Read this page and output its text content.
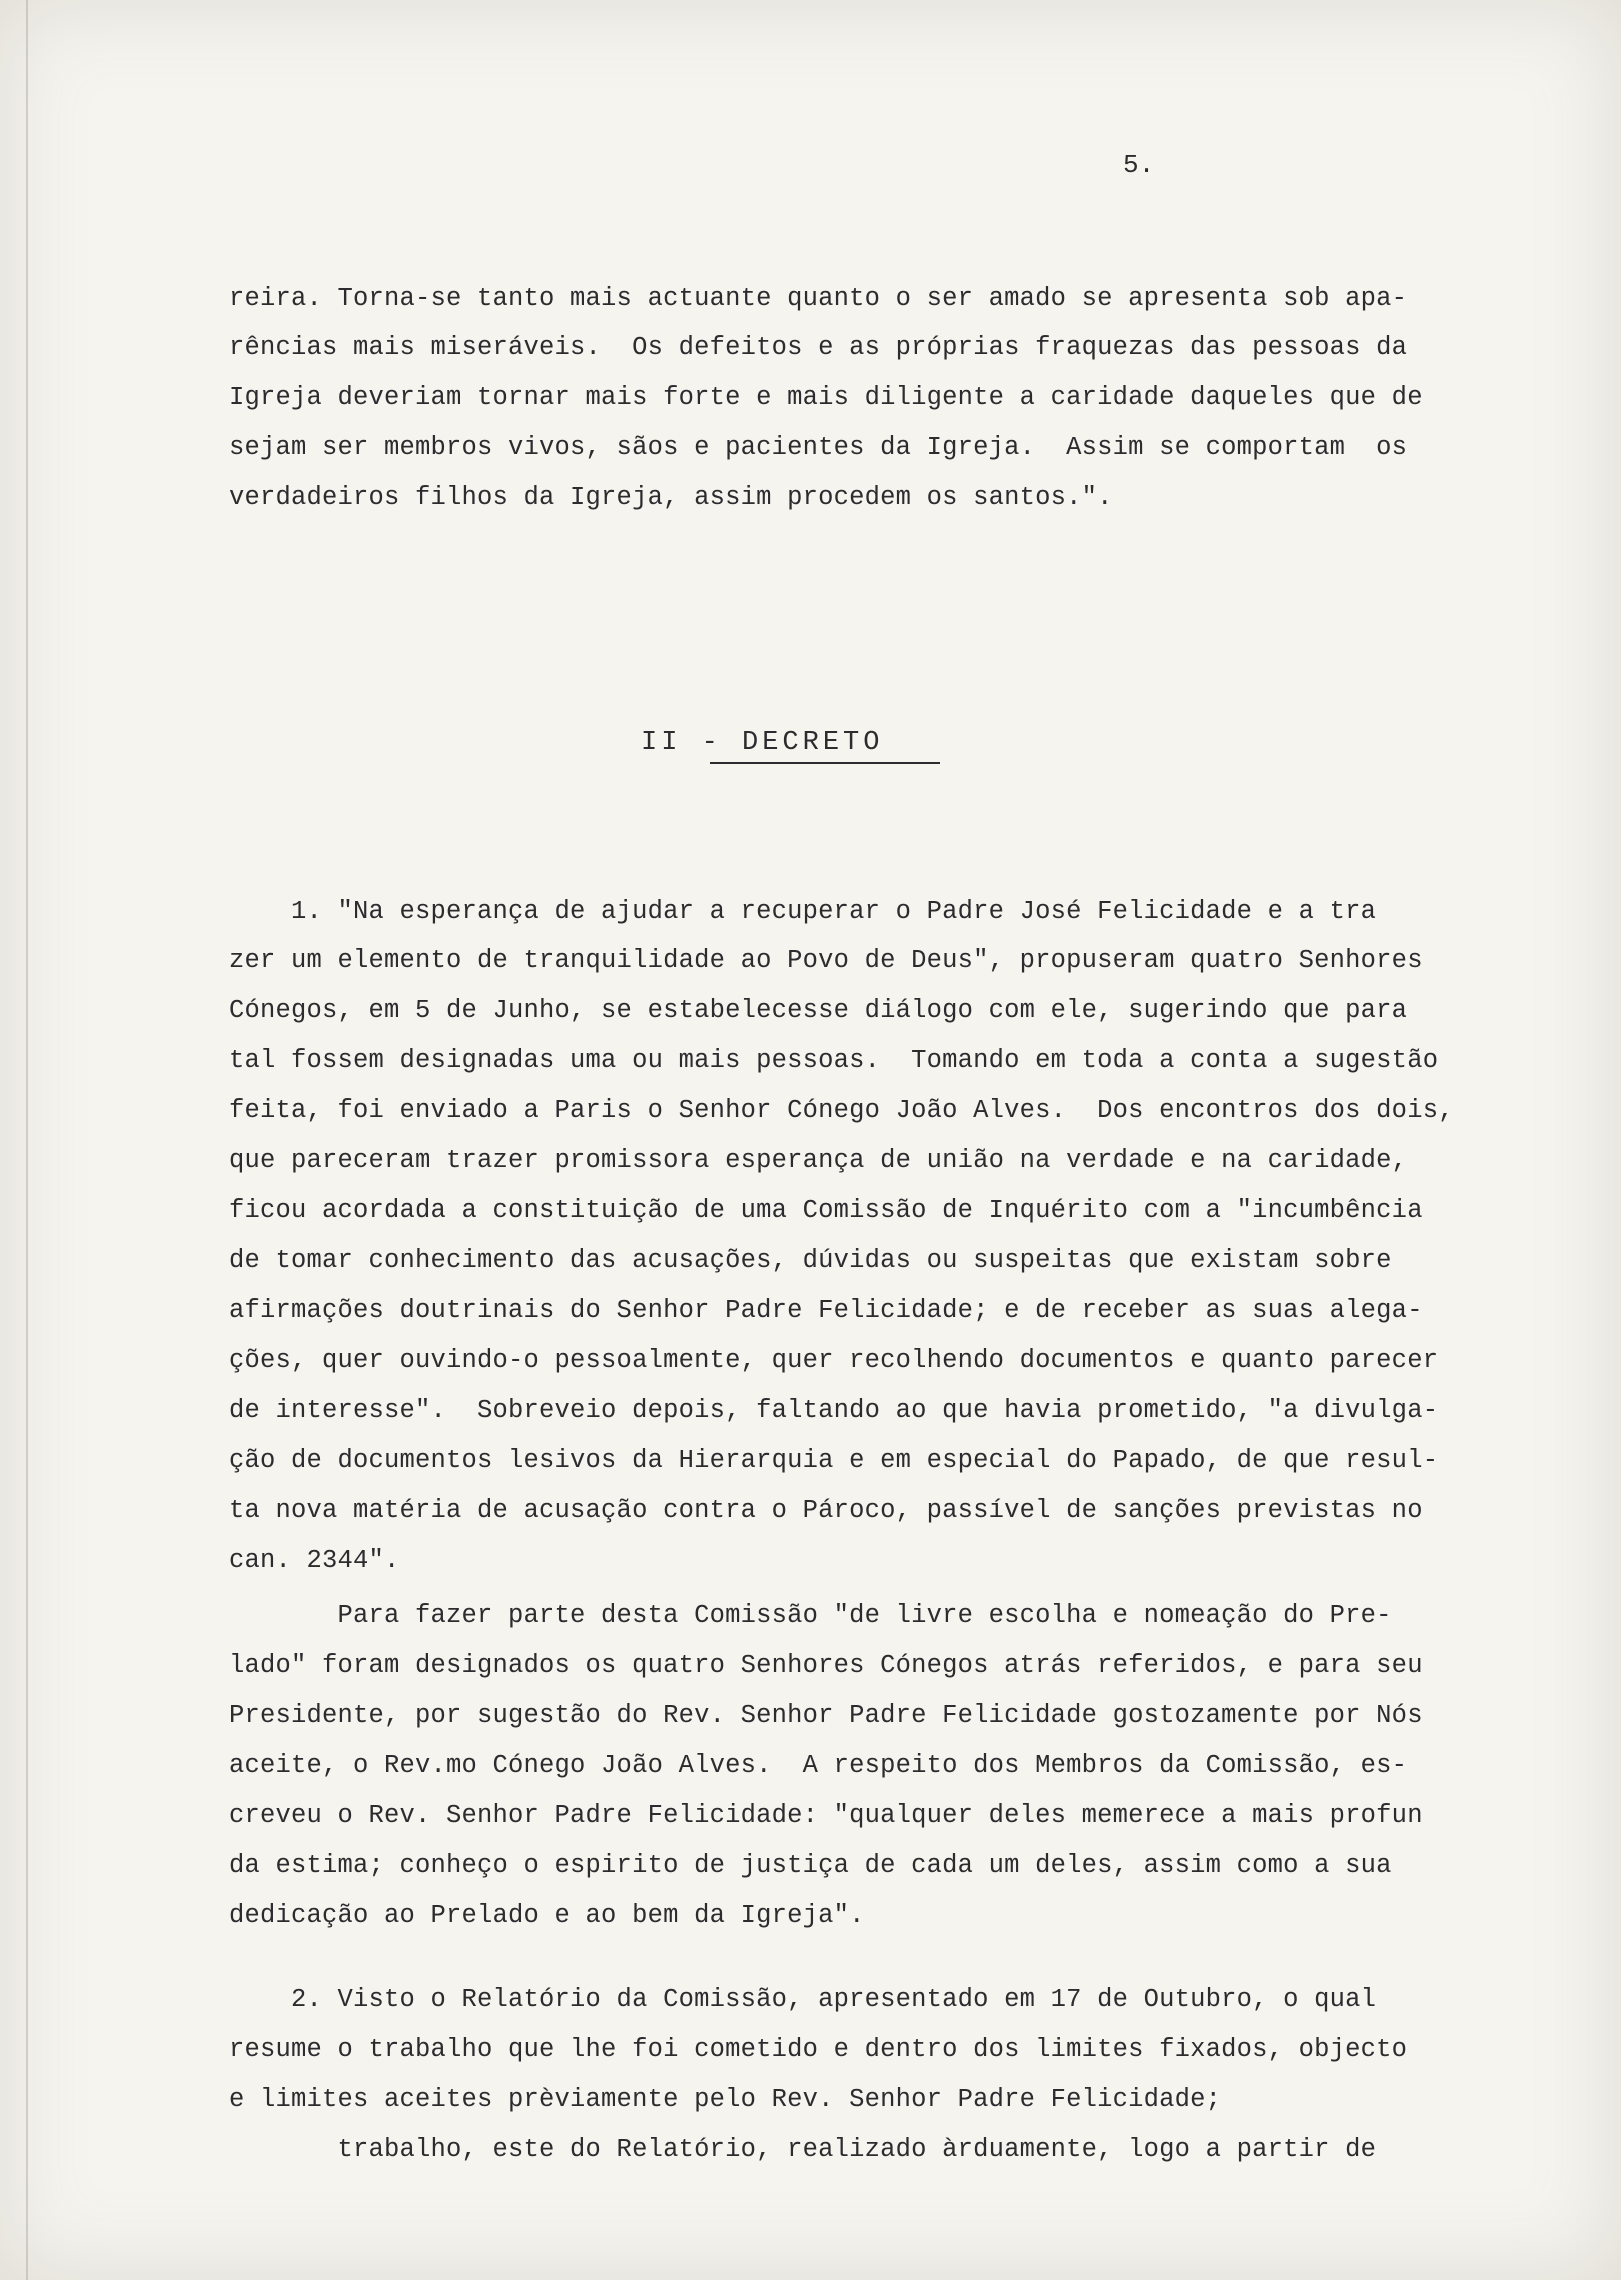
5.
reira. Torna-se tanto mais actuante quanto o ser amado se apresenta sob apa-
rências mais miseráveis.  Os defeitos e as próprias fraquezas das pessoas da
Igreja deveriam tornar mais forte e mais diligente a caridade daqueles que de
sejam ser membros vivos, sãos e pacientes da Igreja.  Assim se comportam  os
verdadeiros filhos da Igreja, assim procedem os santos.".
II - DECRETO
1. "Na esperança de ajudar a recuperar o Padre José Felicidade e a tra
zer um elemento de tranquilidade ao Povo de Deus", propuseram quatro Senhores
Cónegos, em 5 de Junho, se estabelecesse diálogo com ele, sugerindo que para
tal fossem designadas uma ou mais pessoas.  Tomando em toda a conta a sugestão
feita, foi enviado a Paris o Senhor Cónego João Alves.  Dos encontros dos dois,
que pareceram trazer promissora esperança de união na verdade e na caridade,
ficou acordada a constituição de uma Comissão de Inquérito com a "incumbência
de tomar conhecimento das acusações, dúvidas ou suspeitas que existam sobre
afirmações doutrinais do Senhor Padre Felicidade; e de receber as suas alega-
ções, quer ouvindo-o pessoalmente, quer recolhendo documentos e quanto parecer
de interesse".  Sobreveio depois, faltando ao que havia prometido, "a divulga-
ção de documentos lesivos da Hierarquia e em especial do Papado, de que resul-
ta nova matéria de acusação contra o Pároco, passível de sanções previstas no
can. 2344".
Para fazer parte desta Comissão "de livre escolha e nomeação do Pre-
lado" foram designados os quatro Senhores Cónegos atrás referidos, e para seu
Presidente, por sugestão do Rev. Senhor Padre Felicidade gostozamente por Nós
aceite, o Rev.mo Cónego João Alves.  A respeito dos Membros da Comissão, es-
creveu o Rev. Senhor Padre Felicidade: "qualquer deles memerece a mais profun
da estima; conheço o espirito de justiça de cada um deles, assim como a sua
dedicação ao Prelado e ao bem da Igreja".
2. Visto o Relatório da Comissão, apresentado em 17 de Outubro, o qual
resume o trabalho que lhe foi cometido e dentro dos limites fixados, objecto
e limites aceites prèviamente pelo Rev. Senhor Padre Felicidade;
trabalho, este do Relatório, realizado àrduamente, logo a partir de
